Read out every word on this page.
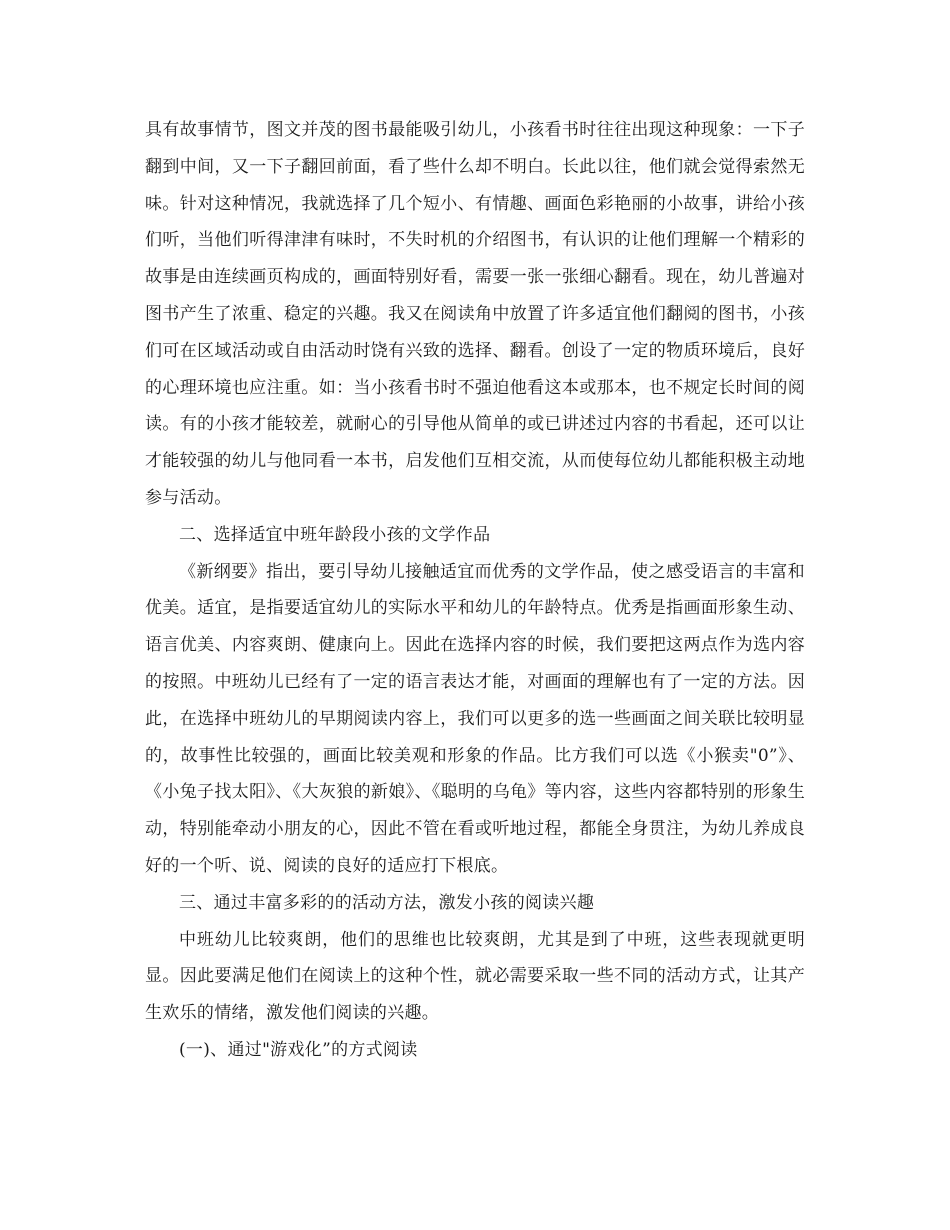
具有故事情节，图文并茂的图书最能吸引幼儿，小孩看书时往往出现这种现象：一下子翻到中间，又一下子翻回前面，看了些什么却不明白。长此以往，他们就会觉得索然无味。针对这种情况，我就选择了几个短小、有情趣、画面色彩艳丽的小故事，讲给小孩们听，当他们听得津津有味时，不失时机的介绍图书，有认识的让他们理解一个精彩的故事是由连续画页构成的，画面特别好看，需要一张一张细心翻看。现在，幼儿普遍对图书产生了浓重、稳定的兴趣。我又在阅读角中放置了许多适宜他们翻阅的图书，小孩们可在区域活动或自由活动时饶有兴致的选择、翻看。创设了一定的物质环境后，良好的心理环境也应注重。如：当小孩看书时不强迫他看这本或那本，也不规定长时间的阅读。有的小孩才能较差，就耐心的引导他从简单的或已讲述过内容的书看起，还可以让才能较强的幼儿与他同看一本书，启发他们互相交流，从而使每位幼儿都能积极主动地参与活动。

二、选择适宜中班年龄段小孩的文学作品

《新纲要》指出，要引导幼儿接触适宜而优秀的文学作品，使之感受语言的丰富和优美。适宜，是指要适宜幼儿的实际水平和幼儿的年龄特点。优秀是指画面形象生动、语言优美、内容爽朗、健康向上。因此在选择内容的时候，我们要把这两点作为选内容的按照。中班幼儿已经有了一定的语言表达才能，对画面的理解也有了一定的方法。因此，在选择中班幼儿的早期阅读内容上，我们可以更多的选一些画面之间关联比较明显的，故事性比较强的，画面比较美观和形象的作品。比方我们可以选《小猴卖"0”》、《小兔子找太阳》、《大灰狼的新娘》、《聪明的乌龟》等内容，这些内容都特别的形象生动，特别能牵动小朋友的心，因此不管在看或听地过程，都能全身贯注，为幼儿养成良好的一个听、说、阅读的良好的适应打下根底。

三、通过丰富多彩的的活动方法，激发小孩的阅读兴趣

中班幼儿比较爽朗，他们的思维也比较爽朗，尤其是到了中班，这些表现就更明显。因此要满足他们在阅读上的这种个性，就必需要采取一些不同的活动方式，让其产生欢乐的情绪，激发他们阅读的兴趣。

(一)、通过"游戏化”的方式阅读
